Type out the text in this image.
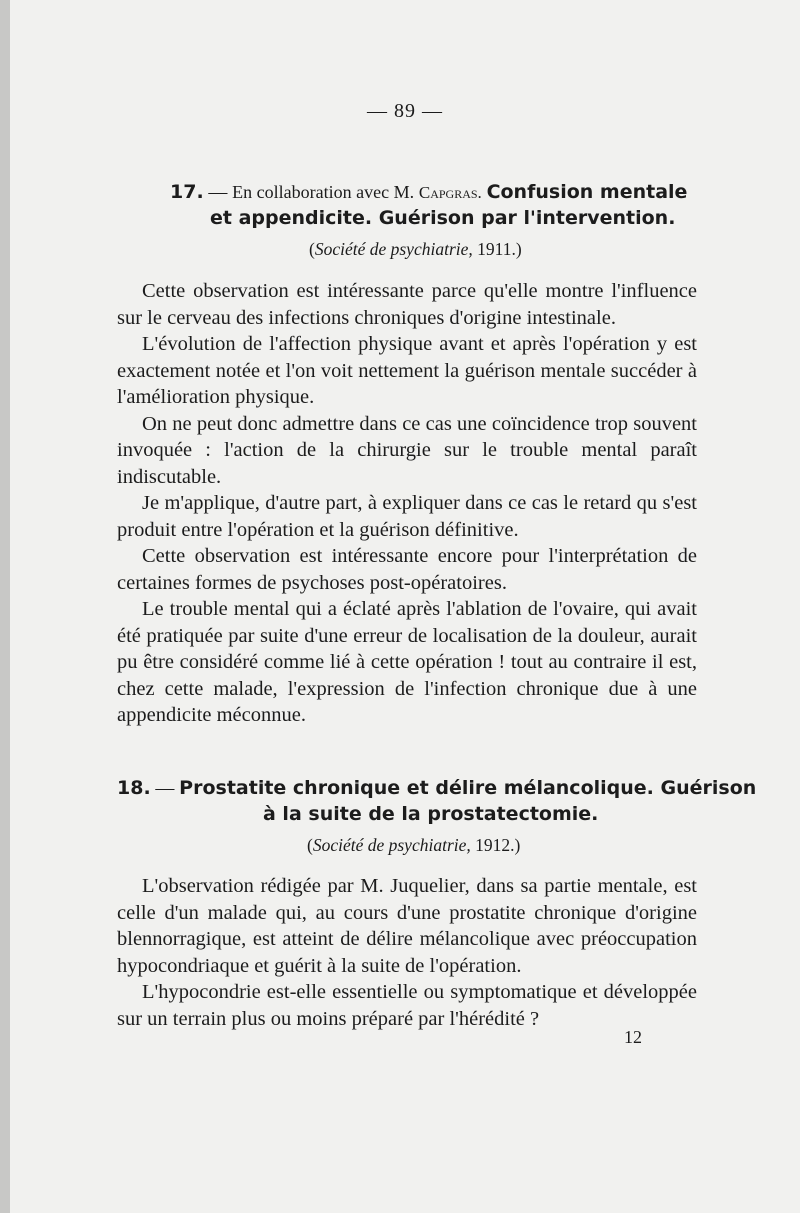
— 89 —
17. — En collaboration avec M. Capgras. Confusion mentale
et appendicite. Guérison par l'intervention.
(Société de psychiatrie, 1911.)

Cette observation est intéressante parce qu'elle montre l'influence sur le cerveau des infections chroniques d'origine intestinale.

L'évolution de l'affection physique avant et après l'opération y est exactement notée et l'on voit nettement la guérison mentale succéder à l'amélioration physique.

On ne peut donc admettre dans ce cas une coïncidence trop souvent invoquée : l'action de la chirurgie sur le trouble mental paraît indiscutable.

Je m'applique, d'autre part, à expliquer dans ce cas le retard qu s'est produit entre l'opération et la guérison définitive.

Cette observation est intéressante encore pour l'interprétation de certaines formes de psychoses post-opératoires.

Le trouble mental qui a éclaté après l'ablation de l'ovaire, qui avait été pratiquée par suite d'une erreur de localisation de la douleur, aurait pu être considéré comme lié à cette opération ! tout au contraire il est, chez cette malade, l'expression de l'infection chronique due à une appendicite méconnue.

18. — Prostatite chronique et délire mélancolique. Guérison
à la suite de la prostatectomie.
(Société de psychiatrie, 1912.)

L'observation rédigée par M. Juquelier, dans sa partie mentale, est celle d'un malade qui, au cours d'une prostatite chronique d'origine blennorragique, est atteint de délire mélancolique avec préoccupation hypocondriaque et guérit à la suite de l'opération.

L'hypocondrie est-elle essentielle ou symptomatique et développée sur un terrain plus ou moins préparé par l'hérédité ?

12
